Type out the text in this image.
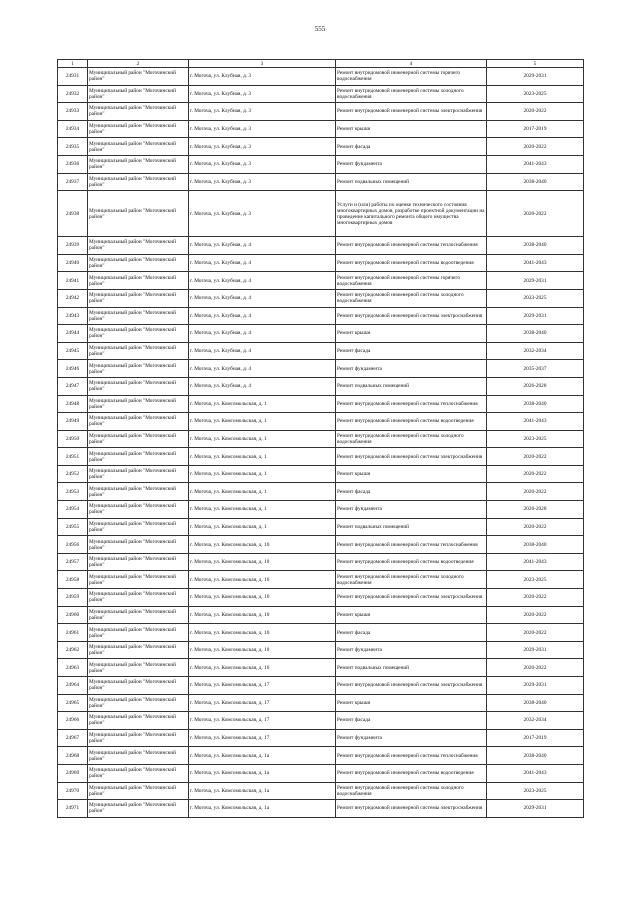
555
1	2	3	4	5
24931	Муниципальный район "Могочинский район"	г. Могоча, ул. Клубная, д. 3	Ремонт внутридомовой инженерной системы горячего водоснабжения	2029-2031
24932	Муниципальный район "Могочинский район"	г. Могоча, ул. Клубная, д. 3	Ремонт внутридомовой инженерной системы холодного водоснабжения	2023-2025
24933	Муниципальный район "Могочинский район"	г. Могоча, ул. Клубная, д. 3	Ремонт внутридомовой инженерной системы электроснабжения	2020-2022
24934	Муниципальный район "Могочинский район"	г. Могоча, ул. Клубная, д. 3	Ремонт крыши	2017-2019
24935	Муниципальный район "Могочинский район"	г. Могоча, ул. Клубная, д. 3	Ремонт фасада	2020-2022
24936	Муниципальный район "Могочинский район"	г. Могоча, ул. Клубная, д. 3	Ремонт фундамента	2041-2043
24937	Муниципальный район "Могочинский район"	г. Могоча, ул. Клубная, д. 3	Ремонт подвальных помещений	2038-2040
24938	Муниципальный район "Могочинский район"	г. Могоча, ул. Клубная, д. 3	Услуги и (или) работы по оценке технического состояния многоквартирных домов, разработке проектной документации на проведение капитального ремонта общего имущества многоквартирных домов	2020-2022
24939	Муниципальный район "Могочинский район"	г. Могоча, ул. Клубная, д. 4	Ремонт внутридомовой инженерной системы теплоснабжения	2038-2040
24940	Муниципальный район "Могочинский район"	г. Могоча, ул. Клубная, д. 4	Ремонт внутридомовой инженерной системы водоотведения	2041-2043
24941	Муниципальный район "Могочинский район"	г. Могоча, ул. Клубная, д. 4	Ремонт внутридомовой инженерной системы горячего водоснабжения	2029-2031
24942	Муниципальный район "Могочинский район"	г. Могоча, ул. Клубная, д. 4	Ремонт внутридомовой инженерной системы холодного водоснабжения	2023-2025
24943	Муниципальный район "Могочинский район"	г. Могоча, ул. Клубная, д. 4	Ремонт внутридомовой инженерной системы электроснабжения	2029-2031
24944	Муниципальный район "Могочинский район"	г. Могоча, ул. Клубная, д. 4	Ремонт крыши	2038-2040
24945	Муниципальный район "Могочинский район"	г. Могоча, ул. Клубная, д. 4	Ремонт фасада	2032-2034
24946	Муниципальный район "Могочинский район"	г. Могоча, ул. Клубная, д. 4	Ремонт фундамента	2035-2037
24947	Муниципальный район "Могочинский район"	г. Могоча, ул. Клубная, д. 4	Ремонт подвальных помещений	2026-2028
24948	Муниципальный район "Могочинский район"	г. Могоча, ул. Комсомольская, д. 1	Ремонт внутридомовой инженерной системы теплоснабжения	2038-2040
24949	Муниципальный район "Могочинский район"	г. Могоча, ул. Комсомольская, д. 1	Ремонт внутридомовой инженерной системы водоотведения	2041-2043
24950	Муниципальный район "Могочинский район"	г. Могоча, ул. Комсомольская, д. 1	Ремонт внутридомовой инженерной системы холодного водоснабжения	2023-2025
24951	Муниципальный район "Могочинский район"	г. Могоча, ул. Комсомольская, д. 1	Ремонт внутридомовой инженерной системы электроснабжения	2020-2022
24952	Муниципальный район "Могочинский район"	г. Могоча, ул. Комсомольская, д. 1	Ремонт крыши	2020-2022
24953	Муниципальный район "Могочинский район"	г. Могоча, ул. Комсомольская, д. 1	Ремонт фасада	2020-2022
24954	Муниципальный район "Могочинский район"	г. Могоча, ул. Комсомольская, д. 1	Ремонт фундамента	2026-2028
24955	Муниципальный район "Могочинский район"	г. Могоча, ул. Комсомольская, д. 1	Ремонт подвальных помещений	2020-2022
24956	Муниципальный район "Могочинский район"	г. Могоча, ул. Комсомольская, д. 10	Ремонт внутридомовой инженерной системы теплоснабжения	2038-2040
24957	Муниципальный район "Могочинский район"	г. Могоча, ул. Комсомольская, д. 10	Ремонт внутридомовой инженерной системы водоотведения	2041-2043
24958	Муниципальный район "Могочинский район"	г. Могоча, ул. Комсомольская, д. 10	Ремонт внутридомовой инженерной системы холодного водоснабжения	2023-2025
24959	Муниципальный район "Могочинский район"	г. Могоча, ул. Комсомольская, д. 10	Ремонт внутридомовой инженерной системы электроснабжения	2020-2022
24960	Муниципальный район "Могочинский район"	г. Могоча, ул. Комсомольская, д. 10	Ремонт крыши	2020-2022
24961	Муниципальный район "Могочинский район"	г. Могоча, ул. Комсомольская, д. 10	Ремонт фасада	2020-2022
24962	Муниципальный район "Могочинский район"	г. Могоча, ул. Комсомольская, д. 10	Ремонт фундамента	2029-2031
24963	Муниципальный район "Могочинский район"	г. Могоча, ул. Комсомольская, д. 10	Ремонт подвальных помещений	2020-2022
24964	Муниципальный район "Могочинский район"	г. Могоча, ул. Комсомольская, д. 17	Ремонт внутридомовой инженерной системы электроснабжения	2029-2031
24965	Муниципальный район "Могочинский район"	г. Могоча, ул. Комсомольская, д. 17	Ремонт крыши	2038-2040
24966	Муниципальный район "Могочинский район"	г. Могоча, ул. Комсомольская, д. 17	Ремонт фасада	2032-2034
24967	Муниципальный район "Могочинский район"	г. Могоча, ул. Комсомольская, д. 17	Ремонт фундамента	2017-2019
24968	Муниципальный район "Могочинский район"	г. Могоча, ул. Комсомольская, д. 1а	Ремонт внутридомовой инженерной системы теплоснабжения	2038-2040
24969	Муниципальный район "Могочинский район"	г. Могоча, ул. Комсомольская, д. 1а	Ремонт внутридомовой инженерной системы водоотведения	2041-2043
24970	Муниципальный район "Могочинский район"	г. Могоча, ул. Комсомольская, д. 1а	Ремонт внутридомовой инженерной системы холодного водоснабжения	2023-2025
24971	Муниципальный район "Могочинский район"	г. Могоча, ул. Комсомольская, д. 1а	Ремонт внутридомовой инженерной системы электроснабжения	2029-2031
